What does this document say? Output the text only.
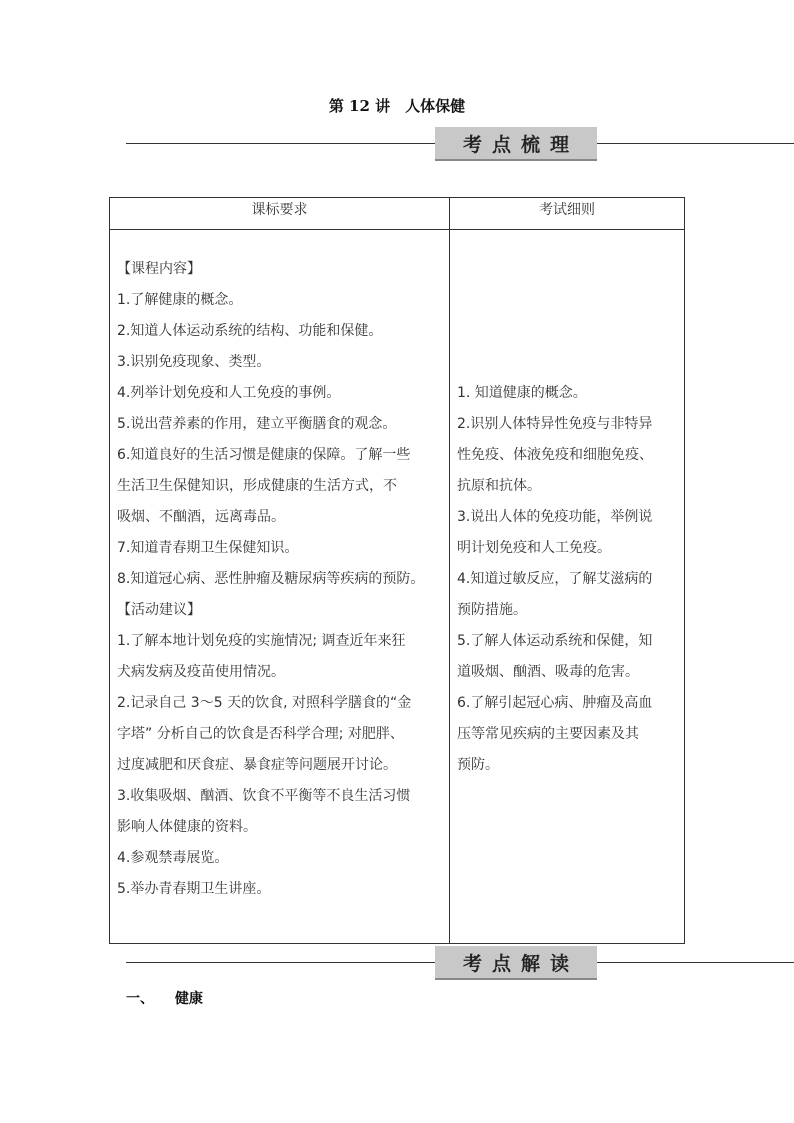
第 12 讲　人体保健
考点梳理
课标要求	考试细则
【课程内容】
1.了解健康的概念。
2.知道人体运动系统的结构、功能和保健。
3.识别免疫现象、类型。
4.列举计划免疫和人工免疫的事例。
5.说出营养素的作用，建立平衡膳食的观念。
6.知道良好的生活习惯是健康的保障。了解一些
生活卫生保健知识，形成健康的生活方式，不
吸烟、不酗酒，远离毒品。
7.知道青春期卫生保健知识。
8.知道冠心病、恶性肿瘤及糖尿病等疾病的预防。
【活动建议】
1.了解本地计划免疫的实施情况; 调查近年来狂
犬病发病及疫苗使用情况。
2.记录自己 3～5 天的饮食, 对照科学膳食的“金
字塔” 分析自己的饮食是否科学合理; 对肥胖、
过度减肥和厌食症、暴食症等问题展开讨论。
3.收集吸烟、酗酒、饮食不平衡等不良生活习惯
影响人体健康的资料。
4.参观禁毒展览。
5.举办青春期卫生讲座。
1. 知道健康的概念。
2.识别人体特异性免疫与非特异
性免疫、体液免疫和细胞免疫、
抗原和抗体。
3.说出人体的免疫功能，举例说
明计划免疫和人工免疫。
4.知道过敏反应，了解艾滋病的
预防措施。
5.了解人体运动系统和保健，知
道吸烟、酗酒、吸毒的危害。
6.了解引起冠心病、肿瘤及高血
压等常见疾病的主要因素及其
预防。
考点解读
一、 健康
